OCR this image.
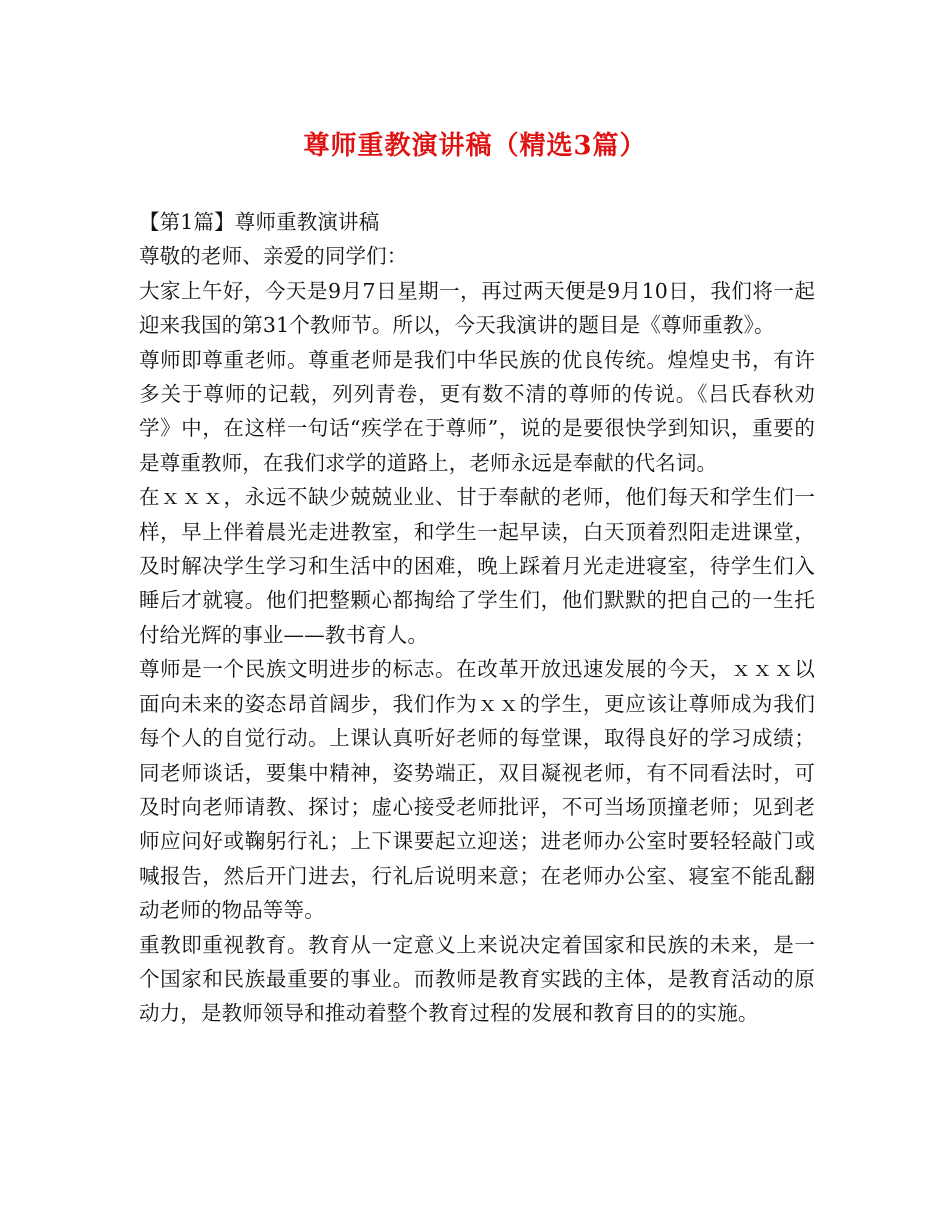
尊师重教演讲稿（精选3篇）

【第1篇】尊师重教演讲稿

尊敬的老师、亲爱的同学们：

大家上午好，今天是9月7日星期一，再过两天便是9月10日，我们将一起迎来我国的第31个教师节。所以，今天我演讲的题目是《尊师重教》。

尊师即尊重老师。尊重老师是我们中华民族的优良传统。煌煌史书，有许多关于尊师的记载，列列青卷，更有数不清的尊师的传说。《吕氏春秋劝学》中，在这样一句话“疾学在于尊师”，说的是要很快学到知识，重要的是尊重教师，在我们求学的道路上，老师永远是奉献的代名词。

在ｘｘｘ，永远不缺少兢兢业业、甘于奉献的老师，他们每天和学生们一样，早上伴着晨光走进教室，和学生一起早读，白天顶着烈阳走进课堂，及时解决学生学习和生活中的困难，晚上踩着月光走进寝室，待学生们入睡后才就寝。他们把整颗心都掏给了学生们，他们默默的把自己的一生托付给光辉的事业——教书育人。

尊师是一个民族文明进步的标志。在改革开放迅速发展的今天，ｘｘｘ以面向未来的姿态昂首阔步，我们作为ｘｘ的学生，更应该让尊师成为我们每个人的自觉行动。上课认真听好老师的每堂课，取得良好的学习成绩；同老师谈话，要集中精神，姿势端正，双目凝视老师，有不同看法时，可及时向老师请教、探讨；虚心接受老师批评，不可当场顶撞老师；见到老师应问好或鞠躬行礼；上下课要起立迎送；进老师办公室时要轻轻敲门或喊报告，然后开门进去，行礼后说明来意；在老师办公室、寝室不能乱翻动老师的物品等等。

重教即重视教育。教育从一定意义上来说决定着国家和民族的未来，是一个国家和民族最重要的事业。而教师是教育实践的主体，是教育活动的原动力，是教师领导和推动着整个教育过程的发展和教育目的的实施。
